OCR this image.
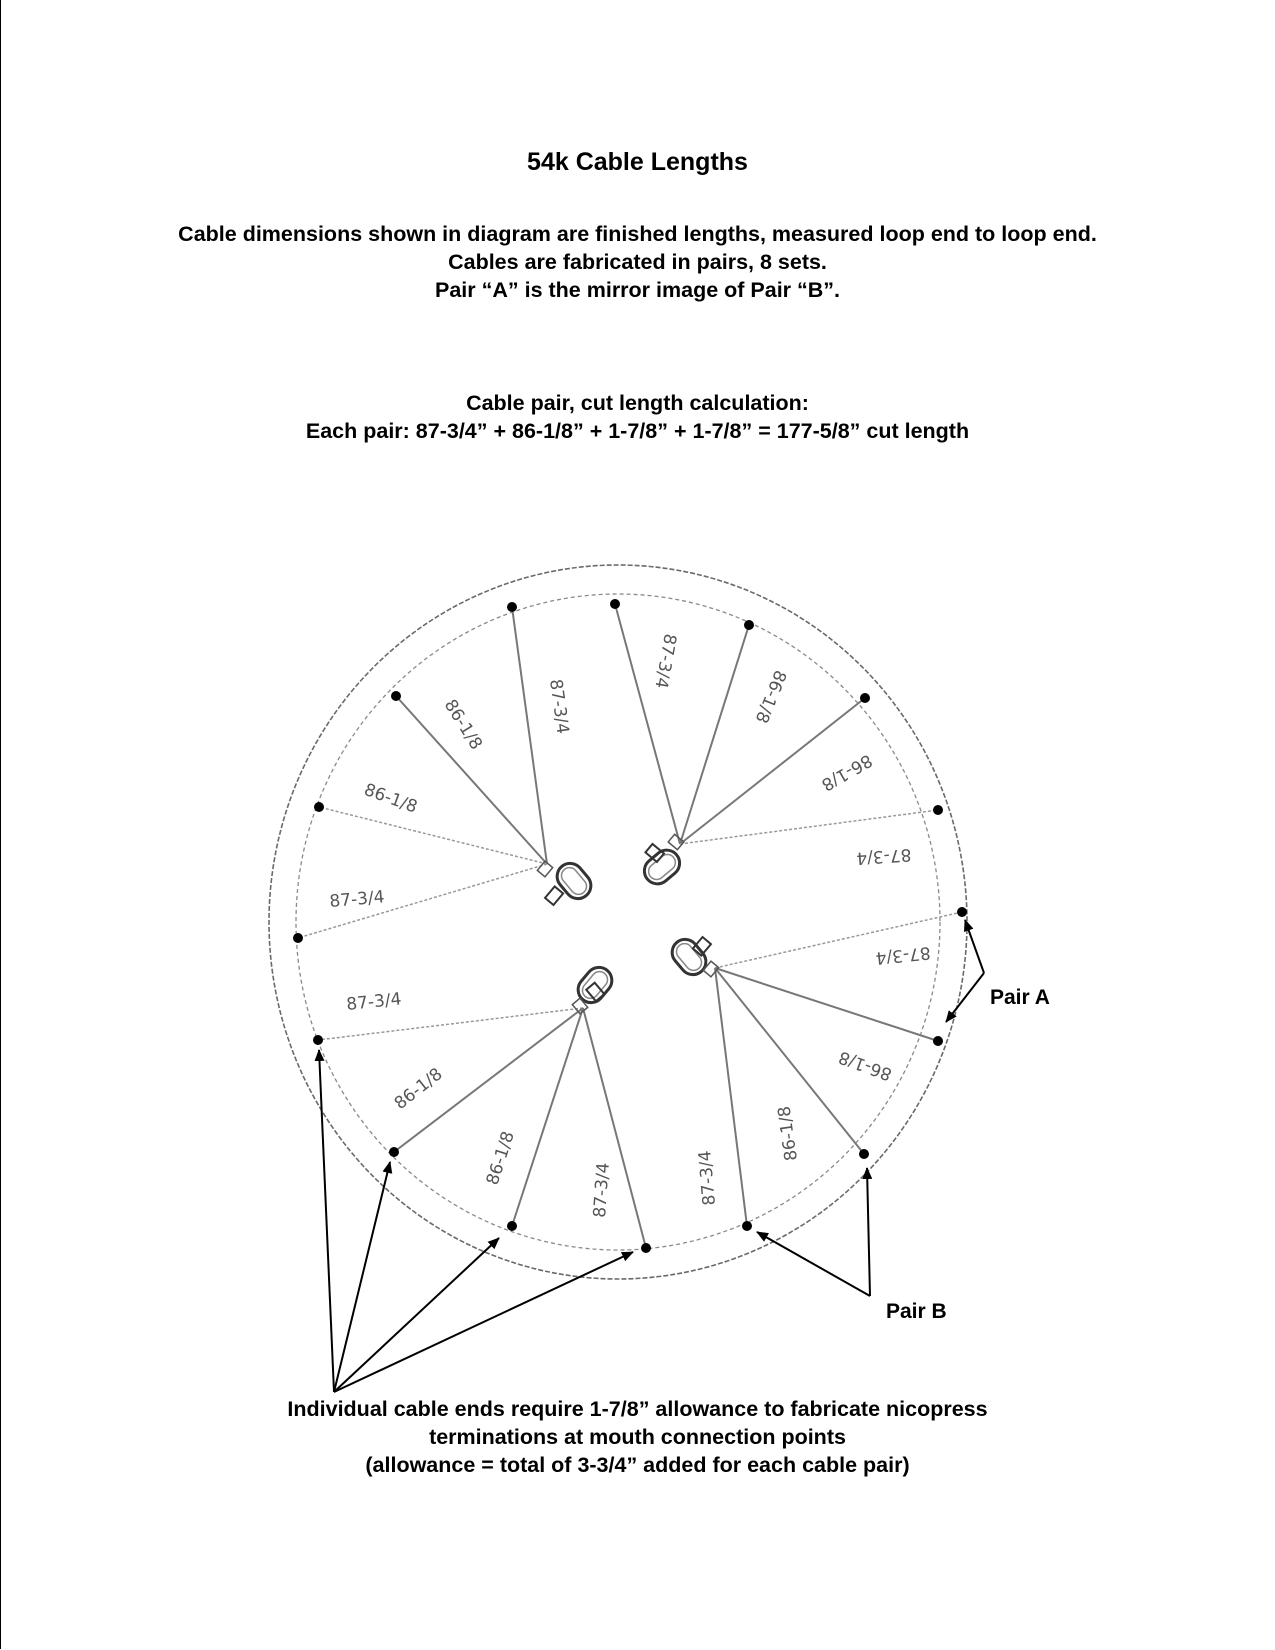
54k Cable Lengths

Cable dimensions shown in diagram are finished lengths, measured loop end to loop end.

Cables are fabricated in pairs, 8 sets.

Pair “A” is the mirror image of Pair “B”.

Cable pair, cut length calculation:

Each pair: 87-3/4” + 86-1/8” + 1-7/8” + 1-7/8” = 177-5/8” cut length

87-3/4
86-1/8
86-1/8
87-3/4
87-3/4
86-1/8
86-1/8
87-3/4
87-3/4
86-1/8
86-1/8
87-3/4
87-3/4
86-1/8
86-1/8
87-3/4
Pair A
Pair B

Individual cable ends require 1-7/8” allowance to fabricate nicopress

terminations at mouth connection points

(allowance = total of 3-3/4” added for each cable pair)
